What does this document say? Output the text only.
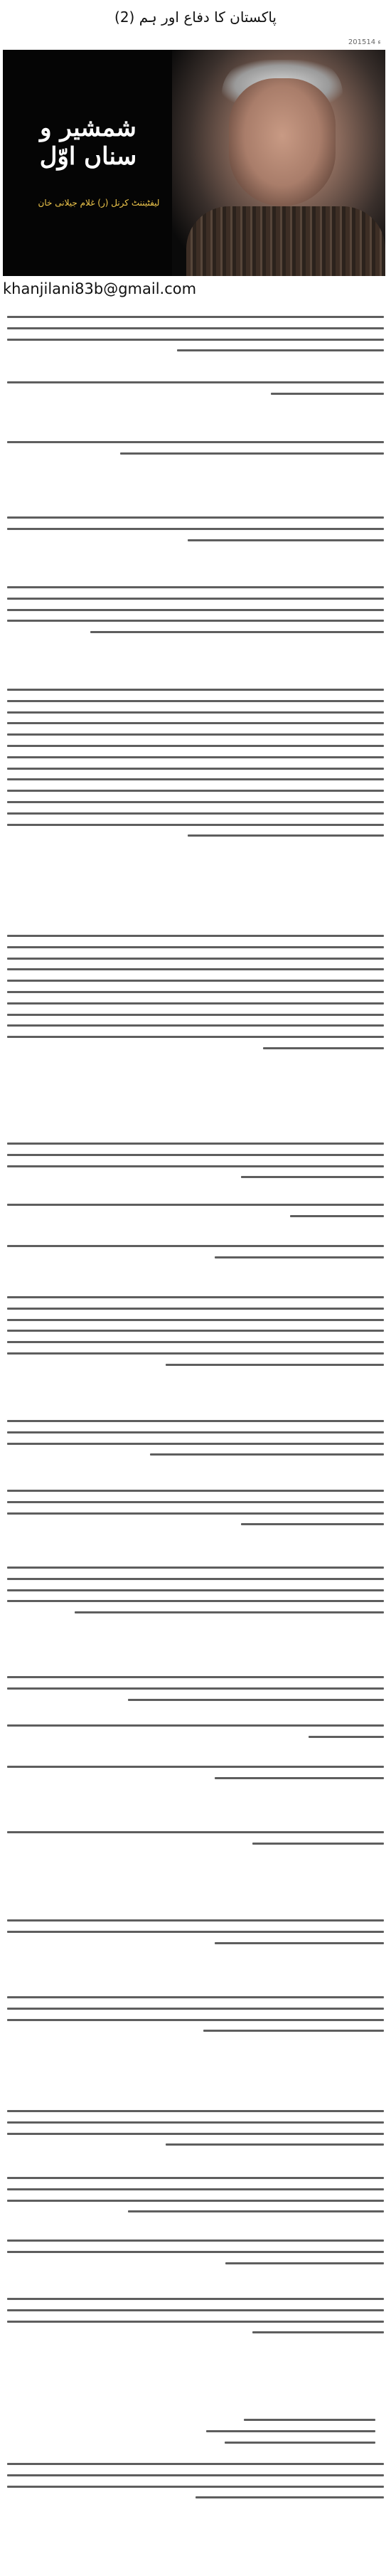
پاکستان کا دفاع اور ہم (2)
2015ء 14
شمشیر و سناں اوّل
لیفٹیننٹ کرنل (ر) غلام جیلانی خان
khanjilani83b@gmail.com
